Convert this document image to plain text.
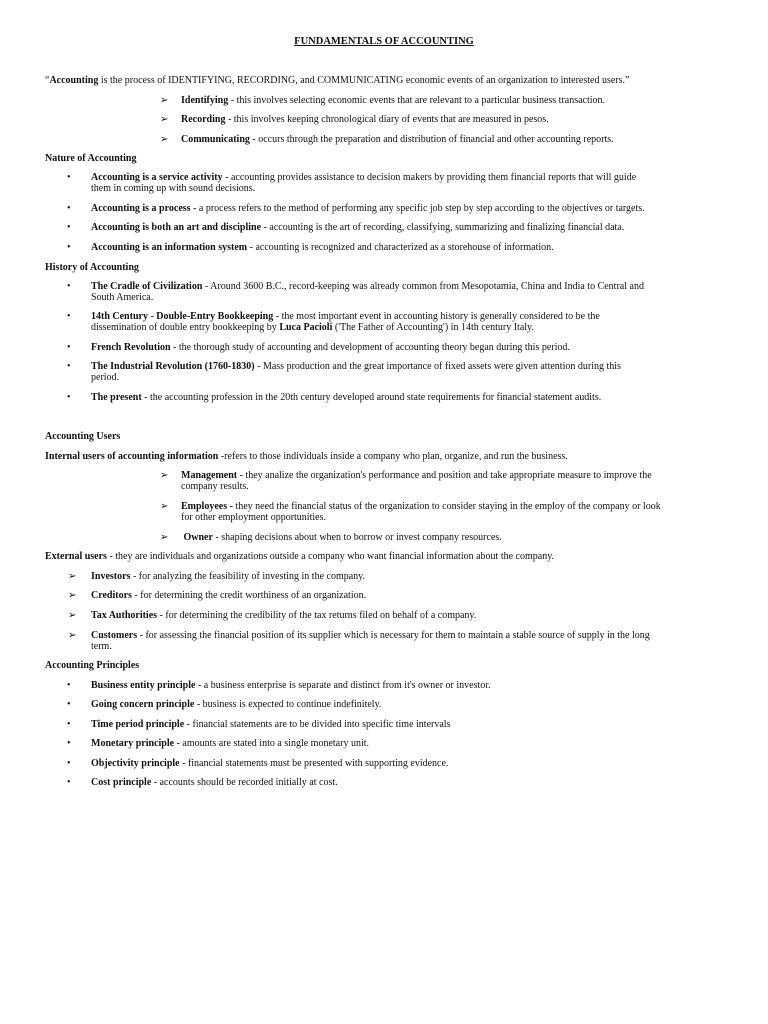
FUNDAMENTALS OF ACCOUNTING
“Accounting is the process of IDENTIFYING, RECORDING, and COMMUNICATING economic events of an organization to interested users.”
➢ Identifying - this involves selecting economic events that are relevant to a particular business transaction.
➢ Recording - this involves keeping chronological diary of events that are measured in pesos.
➢ Communicating - occurs through the preparation and distribution of financial and other accounting reports.
Nature of Accounting
• Accounting is a service activity - accounting provides assistance to decision makers by providing them financial reports that will guide
them in coming up with sound decisions.
• Accounting is a process - a process refers to the method of performing any specific job step by step according to the objectives or targets.
• Accounting is both an art and discipline - accounting is the art of recording, classifying, summarizing and finalizing financial data.
• Accounting is an information system - accounting is recognized and characterized as a storehouse of information.
History of Accounting
• The Cradle of Civilization - Around 3600 B.C., record-keeping was already common from Mesopotamia, China and India to Central and
South America.
• 14th Century - Double-Entry Bookkeeping - the most important event in accounting history is generally considered to be the
dissemination of double entry bookkeeping by Luca Pacioli ('The Father of Accounting') in 14th century Italy.
• French Revolution - the thorough study of accounting and development of accounting theory began during this period.
• The Industrial Revolution (1760-1830) - Mass production and the great importance of fixed assets were given attention during this
period.
• The present - the accounting profession in the 20th century developed around state requirements for financial statement audits.
Accounting Users
Internal users of accounting information -refers to those individuals inside a company who plan, organize, and run the business.
➢ Management - they analize the organization's performance and position and take appropriate measure to improve the
company results.
➢ Employees - they need the financial status of the organization to consider staying in the employ of the company or look
for other employment opportunities.
➢ Owner - shaping decisions about when to borrow or invest company resources.
External users - they are individuals and organizations outside a company who want financial information about the company.
➢ Investors - for analyzing the feasibility of investing in the company.
➢ Creditors - for determining the credit worthiness of an organization.
➢ Tax Authorities - for determining the credibility of the tax returns filed on behalf of a company.
➢ Customers - for assessing the financial position of its supplier which is necessary for them to maintain a stable source of supply in the long
term.
Accounting Principles
• Business entity principle - a business enterprise is separate and distinct from it's owner or investor.
• Going concern principle - business is expected to continue indefinitely.
• Time period principle - financial statements are to be divided into specific time intervals
• Monetary principle - amounts are stated into a single monetary unit.
• Objectivity principle - financial statements must be presented with supporting evidence.
• Cost principle - accounts should be recorded initially at cost.
